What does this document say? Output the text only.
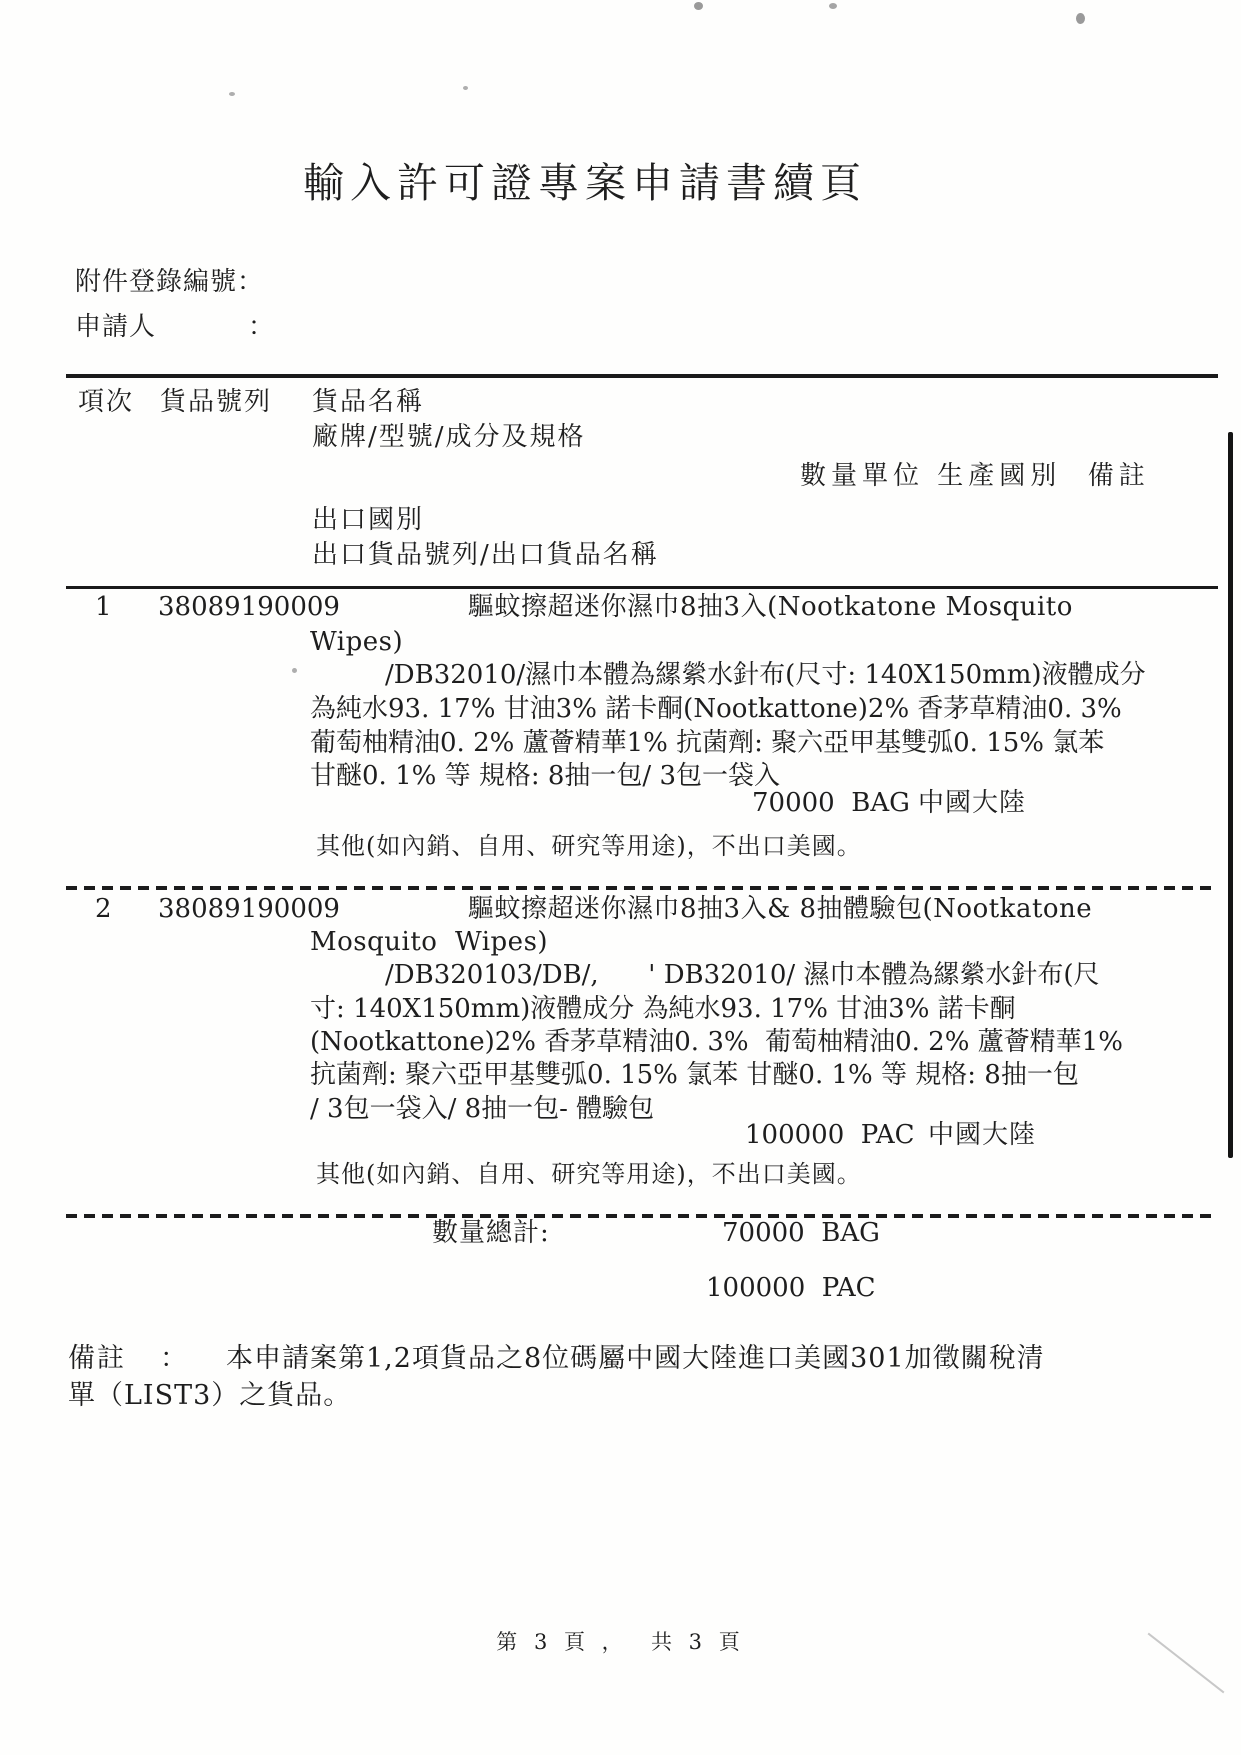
輸入許可證專案申請書續頁
附件登錄編號：
申請人	：
項次 貨品號列 貨品名稱
廠牌/型號/成分及規格
數量單位 生產國別  備註
出口國別
出口貨品號列/出口貨品名稱
1 38089190009	驅蚊擦超迷你濕巾8抽3入(Nootkatone Mosquito
Wipes)
/DB32010/濕巾本體為縲縈水針布(尺寸: 140X150mm)液體成分
為純水93. 17% 甘油3% 諾卡酮(Nootkattone)2% 香茅草精油0. 3%
葡萄柚精油0. 2% 蘆薈精華1% 抗菌劑: 聚六亞甲基雙弧0. 15% 氯苯
甘醚0. 1% 等 規格: 8抽一包/ 3包一袋入
70000  BAG 中國大陸
其他(如內銷、自用、研究等用途)，不出口美國。
2 38089190009	驅蚊擦超迷你濕巾8抽3入& 8抽體驗包(Nootkatone
Mosquito  Wipes)
/DB320103/DB/,      ' DB32010/ 濕巾本體為縲縈水針布(尺
寸: 140X150mm)液體成分 為純水93. 17% 甘油3% 諾卡酮
(Nootkattone)2% 香茅草精油0. 3%  葡萄柚精油0. 2% 蘆薈精華1%
抗菌劑: 聚六亞甲基雙弧0. 15% 氯苯 甘醚0. 1% 等 規格: 8抽一包
/ 3包一袋入/ 8抽一包- 體驗包
100000  PAC 中國大陸
其他(如內銷、自用、研究等用途)，不出口美國。
數量總計:	70000  BAG
100000  PAC
備註 ： 本申請案第1,2項貨品之8位碼屬中國大陸進口美國301加徵關稅清
單（LIST3）之貨品。
第 3 頁 ，  共 3 頁
